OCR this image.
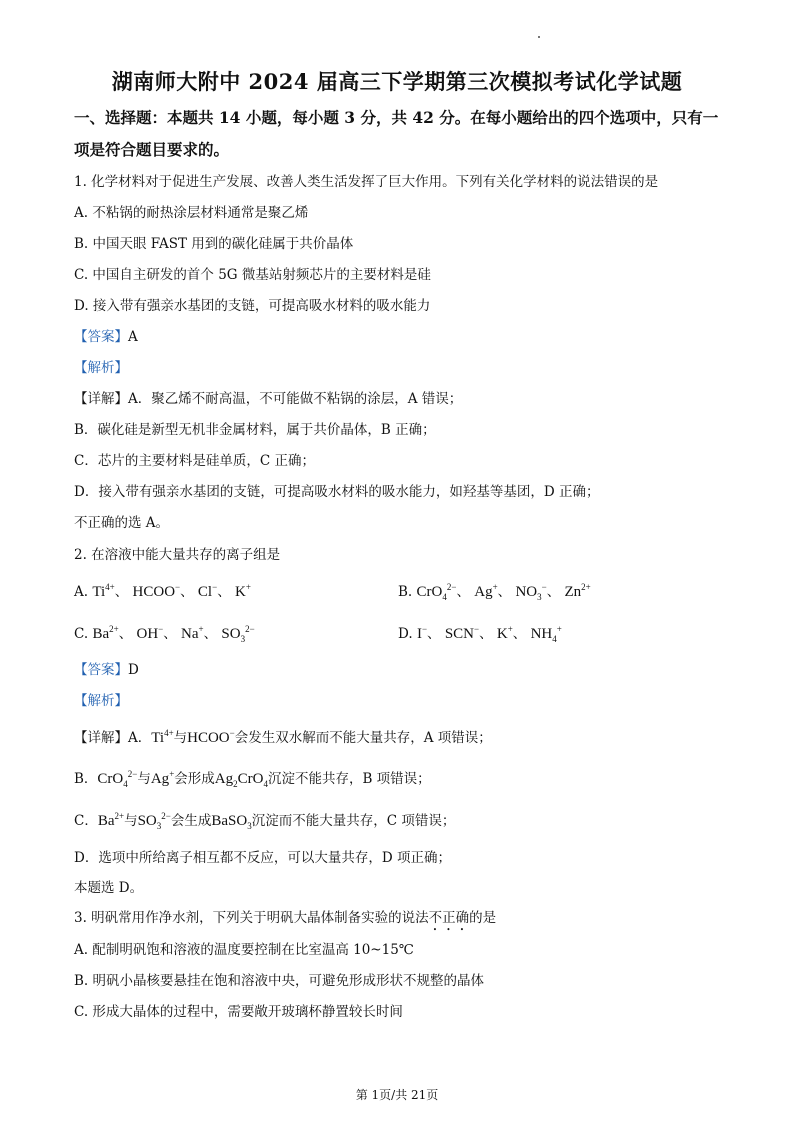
湖南师大附中 2024 届高三下学期第三次模拟考试化学试题
一、选择题：本题共 14 小题，每小题 3 分，共 42 分。在每小题给出的四个选项中，只有一
项是符合题目要求的。
1. 化学材料对于促进生产发展、改善人类生活发挥了巨大作用。下列有关化学材料的说法错误的是
A. 不粘锅的耐热涂层材料通常是聚乙烯
B. 中国天眼 FAST 用到的碳化硅属于共价晶体
C. 中国自主研发的首个 5G 微基站射频芯片的主要材料是硅
D. 接入带有强亲水基团的支链，可提高吸水材料的吸水能力
【答案】A
【解析】
【详解】A．聚乙烯不耐高温，不可能做不粘锅的涂层，A 错误；
B．碳化硅是新型无机非金属材料，属于共价晶体，B 正确；
C．芯片的主要材料是硅单质，C 正确；
D．接入带有强亲水基团的支链，可提高吸水材料的吸水能力，如羟基等基团，D 正确；
不正确的选 A。
2. 在溶液中能大量共存的离子组是
A. $Ti^{4+}$、 HCOO−、 Cl−、 K+	B. CrO$_4^{2-}$、 Ag+、 $NO_3^-$、 $Zn^{2+}$
C. $Ba^{2+}$、 OH−、 Na+、 $SO_3^{2-}$	D. I−、 SCN−、 K+、 $NH_4^+$
【答案】D
【解析】
【详解】A．$Ti^{4+}$与HCOO−会发生双水解而不能大量共存，A 项错误；
B．CrO$_4^{2-}$与Ag+会形成$Ag_2CrO_4$沉淀不能共存，B 项错误；
C．$Ba^{2+}$与$SO_3^{2-}$会生成BaSO$_3$沉淀而不能大量共存，C 项错误；
D．选项中所给离子相互都不反应，可以大量共存，D 项正确；
本题选 D。
3. 明矾常用作净水剂，下列关于明矾大晶体制备实验的说法不正确的是
A. 配制明矾饱和溶液的温度要控制在比室温高 10~15℃
B. 明矾小晶核要悬挂在饱和溶液中央，可避免形成形状不规整的晶体
C. 形成大晶体的过程中，需要敞开玻璃杯静置较长时间
第 1页/共 21页
